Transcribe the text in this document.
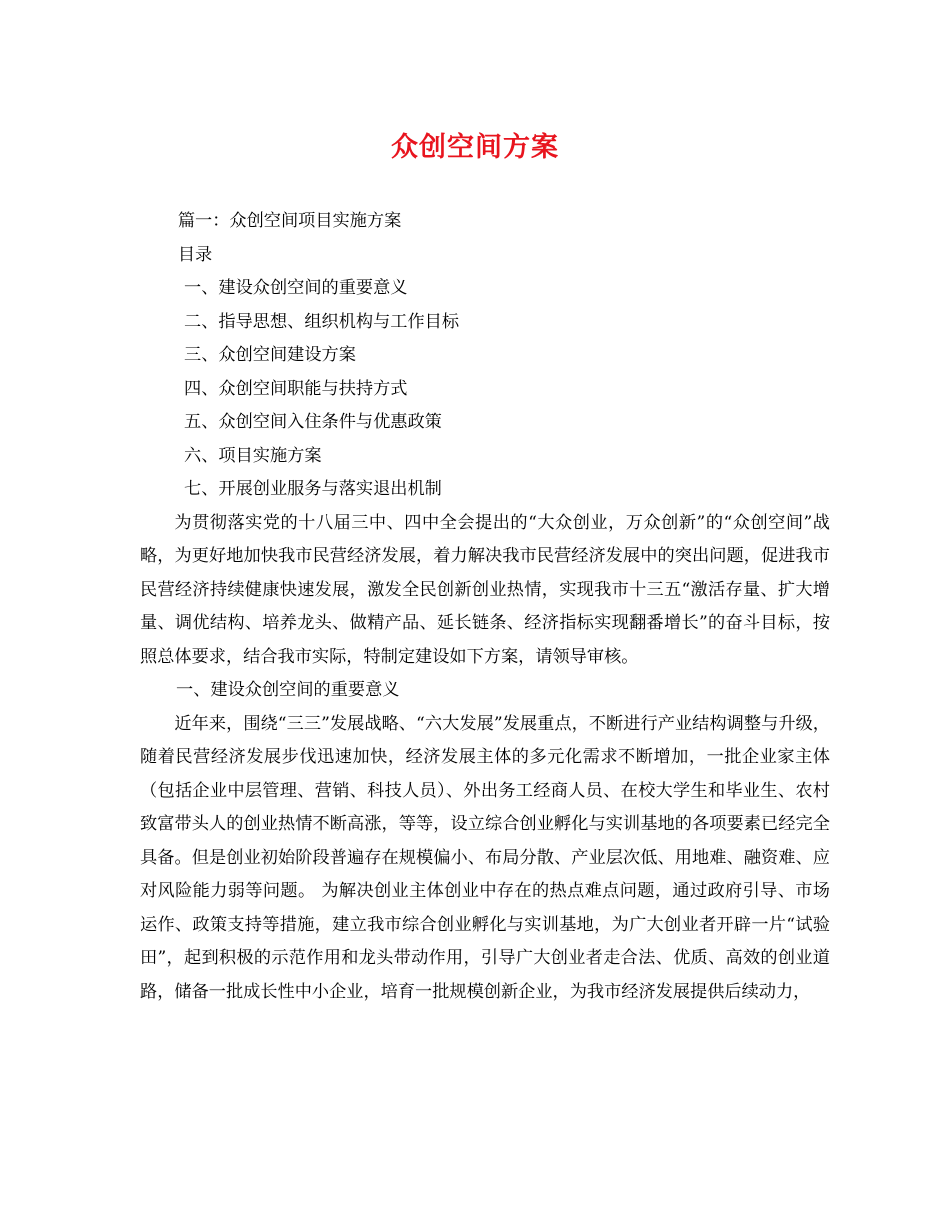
众创空间方案

篇一：众创空间项目实施方案

目录

一、建设众创空间的重要意义

二、指导思想、组织机构与工作目标

三、众创空间建设方案

四、众创空间职能与扶持方式

五、众创空间入住条件与优惠政策

六、项目实施方案

七、开展创业服务与落实退出机制

为贯彻落实党的十八届三中、四中全会提出的“大众创业，万众创新”的“众创空间”战略，为更好地加快我市民营经济发展，着力解决我市民营经济发展中的突出问题，促进我市民营经济持续健康快速发展，激发全民创新创业热情，实现我市十三五“激活存量、扩大增量、调优结构、培养龙头、做精产品、延长链条、经济指标实现翻番增长”的奋斗目标，按照总体要求，结合我市实际，特制定建设如下方案，请领导审核。

一、建设众创空间的重要意义

近年来，围绕“三三”发展战略、“六大发展”发展重点，不断进行产业结构调整与升级，随着民营经济发展步伐迅速加快，经济发展主体的多元化需求不断增加，一批企业家主体（包括企业中层管理、营销、科技人员）、外出务工经商人员、在校大学生和毕业生、农村致富带头人的创业热情不断高涨，等等，设立综合创业孵化与实训基地的各项要素已经完全具备。但是创业初始阶段普遍存在规模偏小、布局分散、产业层次低、用地难、融资难、应对风险能力弱等问题。 为解决创业主体创业中存在的热点难点问题，通过政府引导、市场运作、政策支持等措施，建立我市综合创业孵化与实训基地，为广大创业者开辟一片“试验田”，起到积极的示范作用和龙头带动作用，引导广大创业者走合法、优质、高效的创业道路，储备一批成长性中小企业，培育一批规模创新企业，为我市经济发展提供后续动力，
